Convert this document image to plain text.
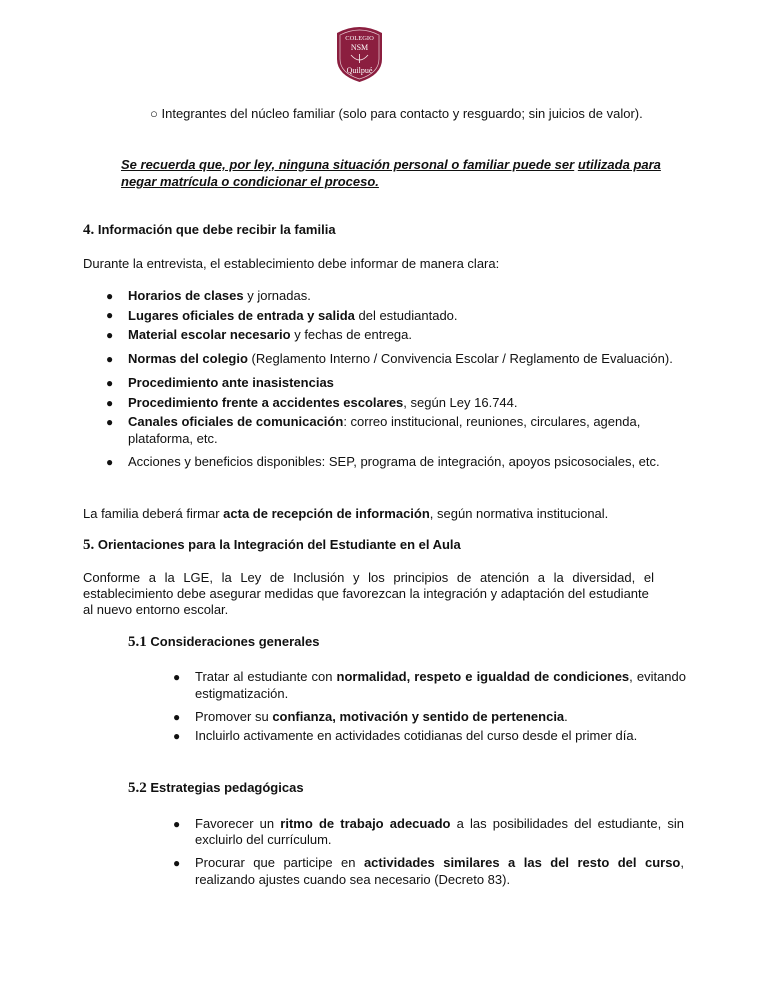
COLEGIO
NSM
Quilpué
○ Integrantes del núcleo familiar (solo para contacto y resguardo; sin juicios de valor).
Se recuerda que, por ley, ninguna situación personal o familiar puede ser utilizada para
negar matrícula o condicionar el proceso.
4. Información que debe recibir la familia
Durante la entrevista, el establecimiento debe informar de manera clara:
● Horarios de clases y jornadas.
● Lugares oficiales de entrada y salida del estudiantado.
● Material escolar necesario y fechas de entrega.
● Normas del colegio (Reglamento Interno / Convivencia Escolar / Reglamento de Evaluación).
● Procedimiento ante inasistencias
● Procedimiento frente a accidentes escolares, según Ley 16.744.
● Canales oficiales de comunicación: correo institucional, reuniones, circulares, agenda,
plataforma, etc.
● Acciones y beneficios disponibles: SEP, programa de integración, apoyos psicosociales, etc.
La familia deberá firmar acta de recepción de información, según normativa institucional.
5. Orientaciones para la Integración del Estudiante en el Aula
Conforme a la LGE, la Ley de Inclusión y los principios de atención a la diversidad, el
establecimiento debe asegurar medidas que favorezcan la integración y adaptación del estudiante
al nuevo entorno escolar.
5.1 Consideraciones generales
● Tratar al estudiante con normalidad, respeto e igualdad de condiciones, evitando
estigmatización.
● Promover su confianza, motivación y sentido de pertenencia.
● Incluirlo activamente en actividades cotidianas del curso desde el primer día.
5.2 Estrategias pedagógicas
● Favorecer un ritmo de trabajo adecuado a las posibilidades del estudiante, sin
excluirlo del currículum.
● Procurar que participe en actividades similares a las del resto del curso,
realizando ajustes cuando sea necesario (Decreto 83).
